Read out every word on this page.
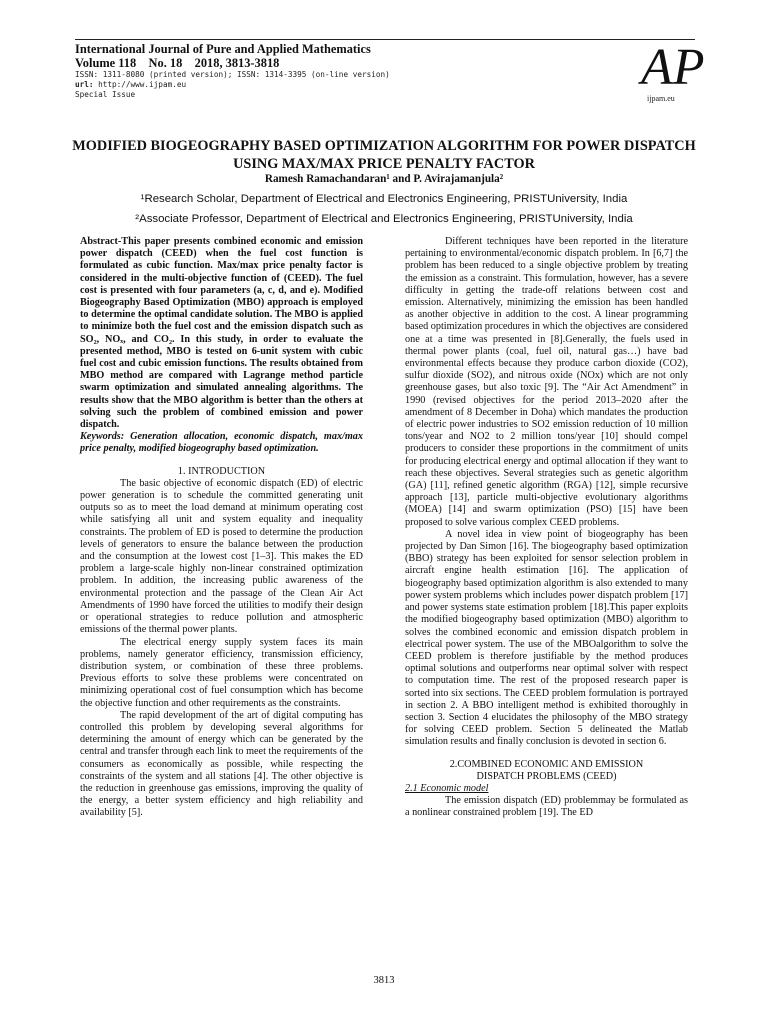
International Journal of Pure and Applied Mathematics
Volume 118    No. 18    2018, 3813-3818
ISSN: 1311-8080 (printed version); ISSN: 1314-3395 (on-line version)
url: http://www.ijpam.eu
Special Issue	AP
ijpam.eu
MODIFIED BIOGEOGRAPHY BASED OPTIMIZATION ALGORITHM FOR POWER DISPATCH USING MAX/MAX PRICE PENALTY FACTOR
Ramesh Ramachandaran¹ and P. Avirajamanjula²
¹Research Scholar, Department of Electrical and Electronics Engineering, PRISTUniversity, India
²Associate Professor, Department of Electrical and Electronics Engineering, PRISTUniversity, India

Abstract-This paper presents combined economic and emission power dispatch (CEED) when the fuel cost function is formulated as cubic function. Max/max price penalty factor is considered in the multi-objective function of (CEED). The fuel cost is presented with four parameters (a, c, d, and e). Modified Biogeography Based Optimization (MBO) approach is employed to determine the optimal candidate solution. The MBO is applied to minimize both the fuel cost and the emission dispatch such as SO₂, NOₓ, and CO₂. In this study, in order to evaluate the presented method, MBO is tested on 6-unit system with cubic fuel cost and cubic emission functions. The results obtained from MBO method are compared with Lagrange method particle swarm optimization and simulated annealing algorithms. The results show that the MBO algorithm is better than the others at solving such the problem of combined emission and power dispatch.

Keywords: Generation allocation, economic dispatch, max/max price penalty, modified biogeography based optimization.

1. INTRODUCTION

The basic objective of economic dispatch (ED) of electric power generation is to schedule the committed generating unit outputs so as to meet the load demand at minimum operating cost while satisfying all unit and system equality and inequality constraints. The problem of ED is posed to determine the production levels of generators to ensure the balance between the production and the consumption at the lowest cost [1–3]. This makes the ED problem a large-scale highly non-linear constrained optimization problem. In addition, the increasing public awareness of the environmental protection and the passage of the Clean Air Act Amendments of 1990 have forced the utilities to modify their design or operational strategies to reduce pollution and atmospheric emissions of the thermal power plants.

The electrical energy supply system faces its main problems, namely generator efficiency, transmission efficiency, distribution system, or combination of these three problems. Previous efforts to solve these problems were concentrated on minimizing operational cost of fuel consumption which has become the objective function and other requirements as the constraints.

The rapid development of the art of digital computing has controlled this problem by developing several algorithms for determining the amount of energy which can be generated by the central and transfer through each link to meet the requirements of the consumers as economically as possible, while respecting the constraints of the system and all stations [4]. The other objective is the reduction in greenhouse gas emissions, improving the quality of the energy, a better system efficiency and high reliability and availability [5].

Different techniques have been reported in the literature pertaining to environmental/economic dispatch problem. In [6,7] the problem has been reduced to a single objective problem by treating the emission as a constraint. This formulation, however, has a severe difficulty in getting the trade-off relations between cost and emission. Alternatively, minimizing the emission has been handled as another objective in addition to the cost. A linear programming based optimization procedures in which the objectives are considered one at a time was presented in [8].Generally, the fuels used in thermal power plants (coal, fuel oil, natural gas…) have bad environmental effects because they produce carbon dioxide (CO2), sulfur dioxide (SO2), and nitrous oxide (NOx) which are not only greenhouse gases, but also toxic [9]. The “Air Act Amendment” in 1990 (revised objectives for the period 2013–2020 after the amendment of 8 December in Doha) which mandates the production of electric power industries to SO2 emission reduction of 10 million tons/year and NO2 to 2 million tons/year [10] should compel producers to consider these proportions in the commitment of units for producing electrical energy and optimal allocation if they want to reach these objectives. Several strategies such as genetic algorithm (GA) [11], refined genetic algorithm (RGA) [12], simple recursive approach [13], particle multi-objective evolutionary algorithms (MOEA) [14] and swarm optimization (PSO) [15] have been proposed to solve various complex CEED problems.

A novel idea in view point of biogeography has been projected by Dan Simon [16]. The biogeography based optimization (BBO) strategy has been exploited for sensor selection problem in aircraft engine health estimation [16]. The application of biogeography based optimization algorithm is also extended to many power system problems which includes power dispatch problem [17] and power systems state estimation problem [18].This paper exploits the modified biogeography based optimization (MBO) algorithm to solves the combined economic and emission dispatch problem in electrical power system. The use of the MBOalgorithm to solve the CEED problem is therefore justifiable by the method produces optimal solutions and outperforms near optimal solver with respect to computation time. The rest of the proposed research paper is sorted into six sections. The CEED problem formulation is portrayed in section 2. A BBO intelligent method is exhibited thoroughly in section 3. Section 4 elucidates the philosophy of the MBO strategy for solving CEED problem. Section 5 delineated the Matlab simulation results and finally conclusion is devoted in section 6.

2.COMBINED ECONOMIC AND EMISSION
DISPATCH PROBLEMS (CEED)

2.1 Economic model

The emission dispatch (ED) problemmay be formulated as a nonlinear constrained problem [19]. The ED

3813
